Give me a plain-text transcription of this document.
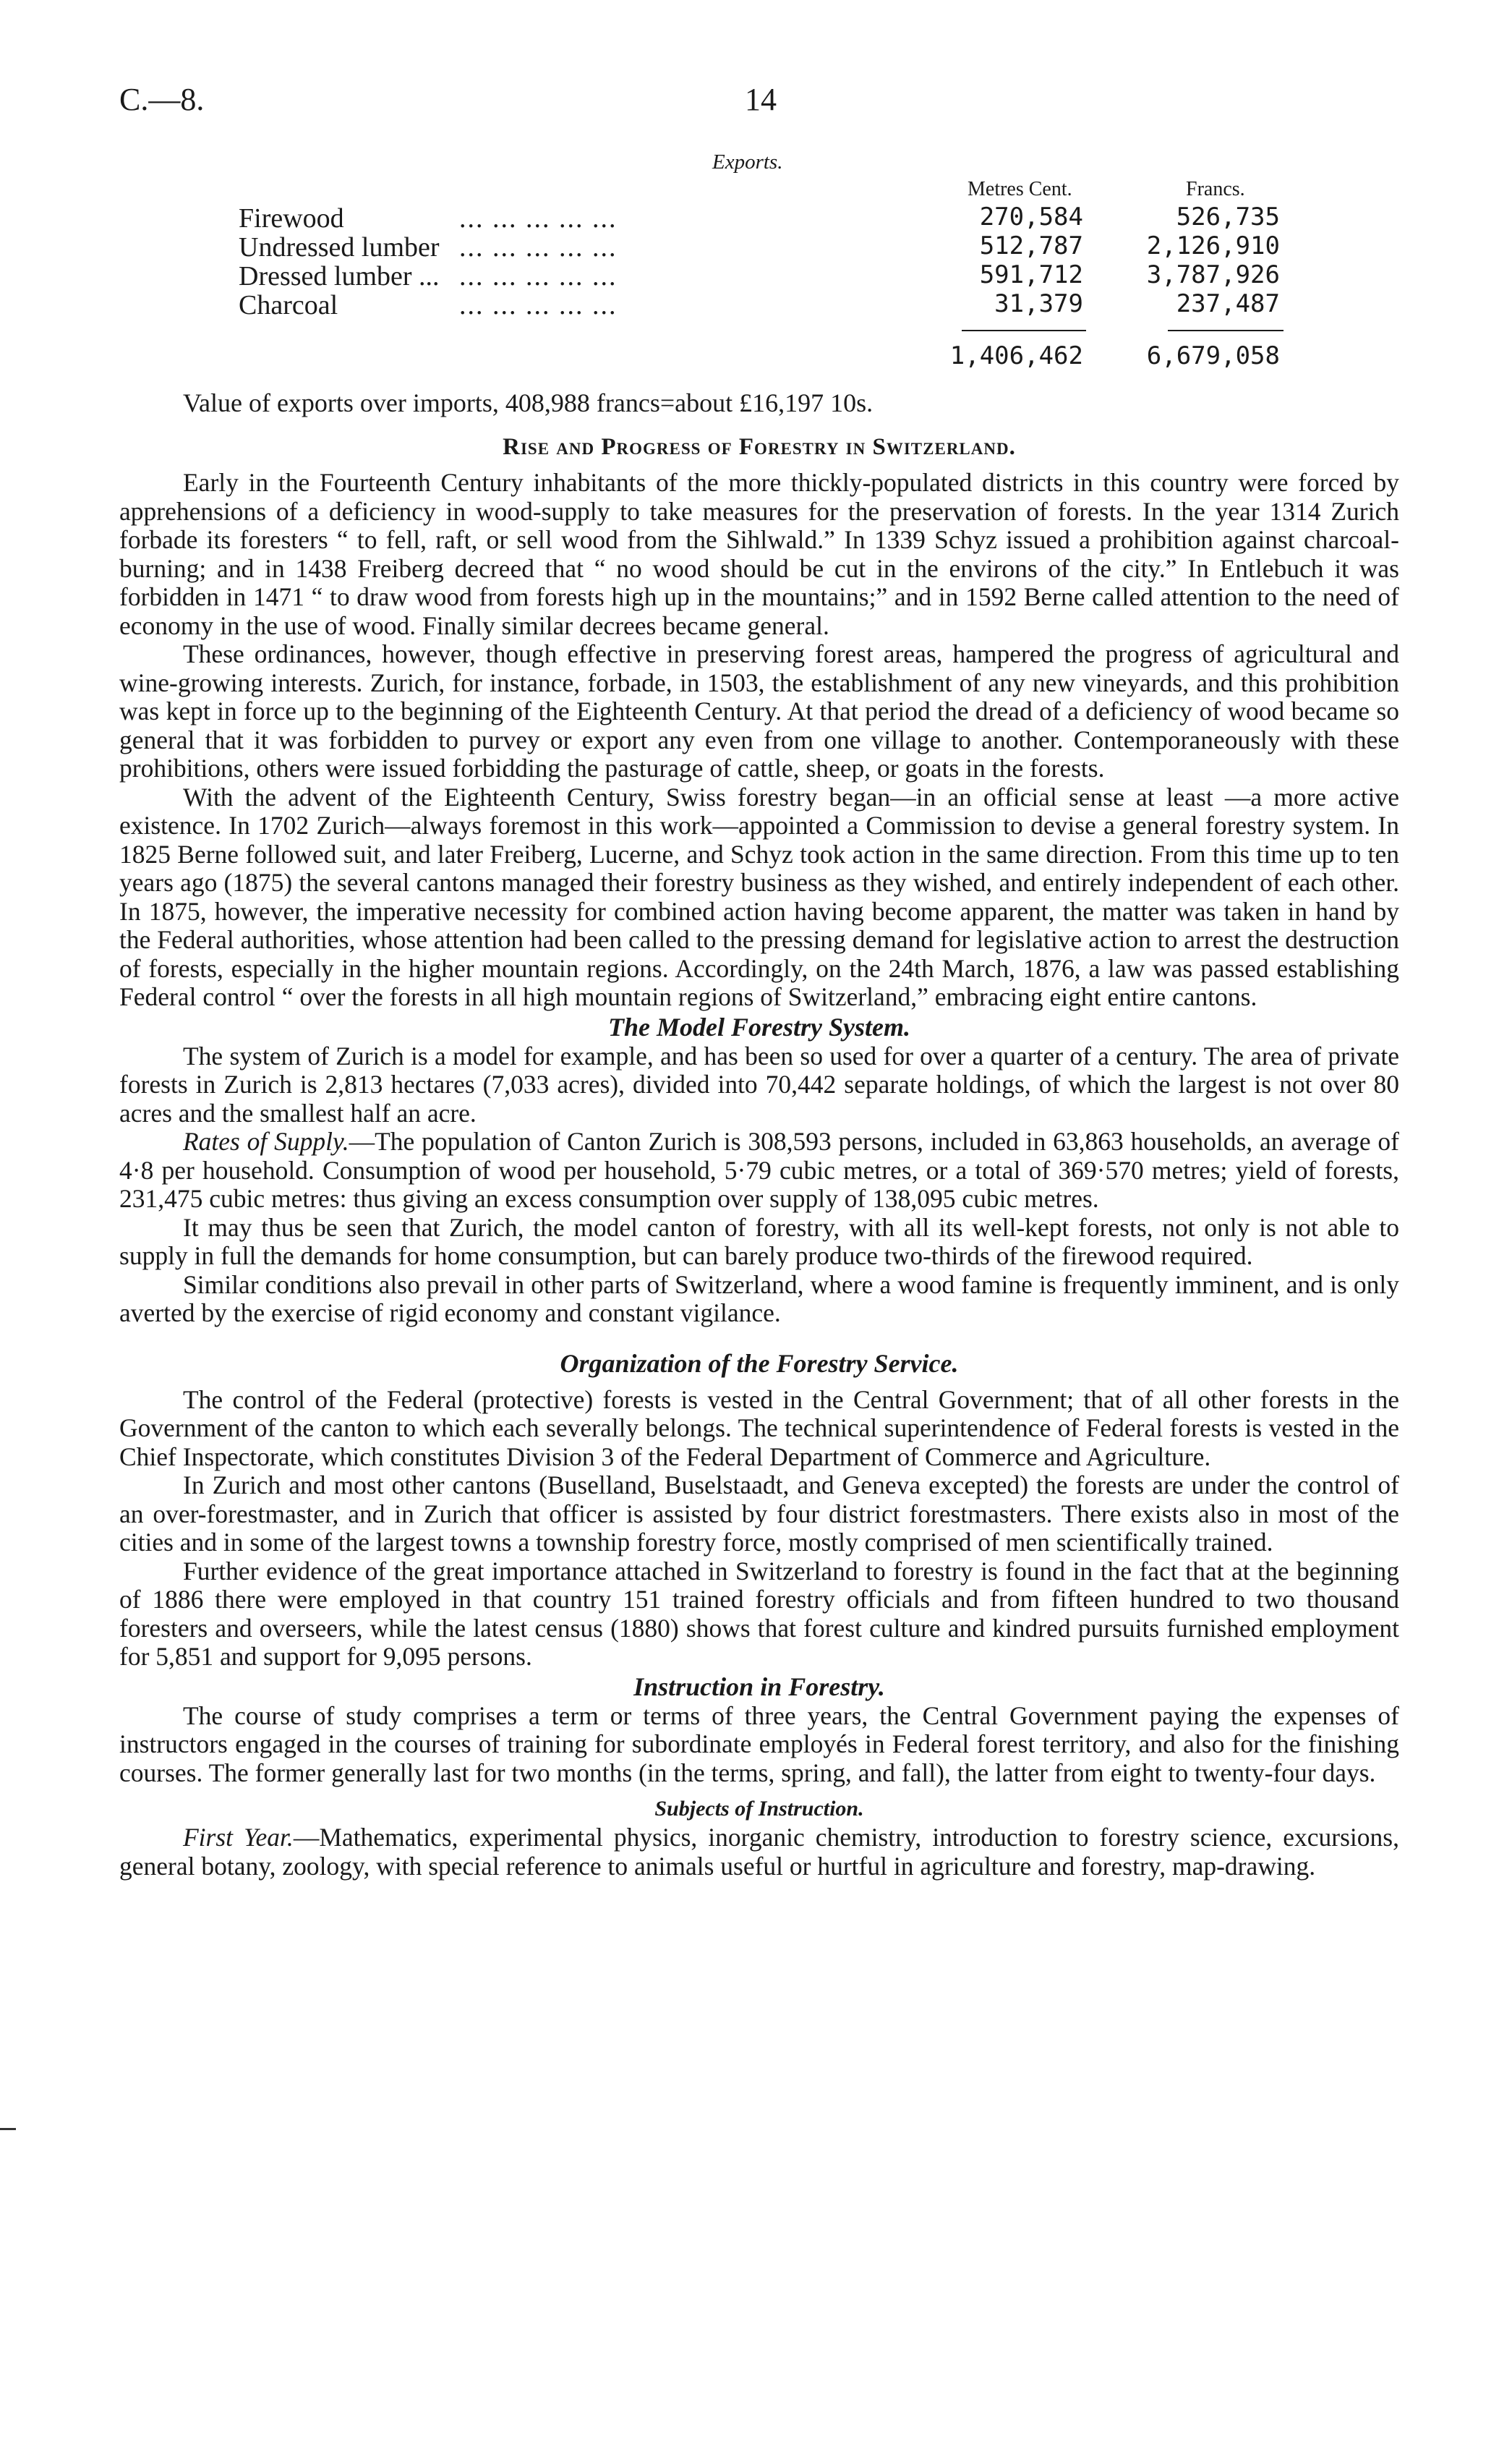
C.—8.	14
Exports.
Metres Cent.	Francs.
Firewood	... ... ... ... ...	270,584	526,735
Undressed lumber ... ... ... ... ...	512,787	2,126,910
Dressed lumber ... ... ... ... ... ...	591,712	3,787,926
Charcoal	... ... ... ... ...	31,379	237,487
1,406,462	6,679,058
Value of exports over imports, 408,988 francs=about £16,197 10s.
Rise and Progress of Forestry in Switzerland.

Early in the Fourteenth Century inhabitants of the more thickly-populated districts in this country were forced by apprehensions of a deficiency in wood-supply to take measures for the preservation of forests. In the year 1314 Zurich forbade its foresters “ to fell, raft, or sell wood from the Sihlwald.” In 1339 Schyz issued a prohibition against charcoal-burning; and in 1438 Freiberg decreed that “ no wood should be cut in the environs of the city.” In Entlebuch it was forbidden in 1471 “ to draw wood from forests high up in the mountains;” and in 1592 Berne called attention to the need of economy in the use of wood. Finally similar decrees became general.

These ordinances, however, though effective in preserving forest areas, hampered the progress of agricultural and wine-growing interests. Zurich, for instance, forbade, in 1503, the establishment of any new vineyards, and this prohibition was kept in force up to the beginning of the Eighteenth Century. At that period the dread of a deficiency of wood became so general that it was forbidden to purvey or export any even from one village to another. Contemporaneously with these prohibitions, others were issued forbidding the pasturage of cattle, sheep, or goats in the forests.

With the advent of the Eighteenth Century, Swiss forestry began—in an official sense at least —a more active existence. In 1702 Zurich—always foremost in this work—appointed a Commission to devise a general forestry system. In 1825 Berne followed suit, and later Freiberg, Lucerne, and Schyz took action in the same direction. From this time up to ten years ago (1875) the several cantons managed their forestry business as they wished, and entirely independent of each other. In 1875, however, the imperative necessity for combined action having become apparent, the matter was taken in hand by the Federal authorities, whose attention had been called to the pressing demand for legislative action to arrest the destruction of forests, especially in the higher mountain regions. Accordingly, on the 24th March, 1876, a law was passed establishing Federal control “ over the forests in all high mountain regions of Switzerland,” embracing eight entire cantons.

The Model Forestry System.

The system of Zurich is a model for example, and has been so used for over a quarter of a century. The area of private forests in Zurich is 2,813 hectares (7,033 acres), divided into 70,442 separate holdings, of which the largest is not over 80 acres and the smallest half an acre.

Rates of Supply.—The population of Canton Zurich is 308,593 persons, included in 63,863 households, an average of 4·8 per household. Consumption of wood per household, 5·79 cubic metres, or a total of 369·570 metres; yield of forests, 231,475 cubic metres: thus giving an excess consumption over supply of 138,095 cubic metres.

It may thus be seen that Zurich, the model canton of forestry, with all its well-kept forests, not only is not able to supply in full the demands for home consumption, but can barely produce two-thirds of the firewood required.

Similar conditions also prevail in other parts of Switzerland, where a wood famine is frequently imminent, and is only averted by the exercise of rigid economy and constant vigilance.

Organization of the Forestry Service.

The control of the Federal (protective) forests is vested in the Central Government; that of all other forests in the Government of the canton to which each severally belongs. The technical superintendence of Federal forests is vested in the Chief Inspectorate, which constitutes Division 3 of the Federal Department of Commerce and Agriculture.

In Zurich and most other cantons (Buselland, Buselstaadt, and Geneva excepted) the forests are under the control of an over-forestmaster, and in Zurich that officer is assisted by four district forestmasters. There exists also in most of the cities and in some of the largest towns a township forestry force, mostly comprised of men scientifically trained.

Further evidence of the great importance attached in Switzerland to forestry is found in the fact that at the beginning of 1886 there were employed in that country 151 trained forestry officials and from fifteen hundred to two thousand foresters and overseers, while the latest census (1880) shows that forest culture and kindred pursuits furnished employment for 5,851 and support for 9,095 persons.

Instruction in Forestry.

The course of study comprises a term or terms of three years, the Central Government paying the expenses of instructors engaged in the courses of training for subordinate employés in Federal forest territory, and also for the finishing courses. The former generally last for two months (in the terms, spring, and fall), the latter from eight to twenty-four days.

Subjects of Instruction.

First Year.—Mathematics, experimental physics, inorganic chemistry, introduction to forestry science, excursions, general botany, zoology, with special reference to animals useful or hurtful in agriculture and forestry, map-drawing.
